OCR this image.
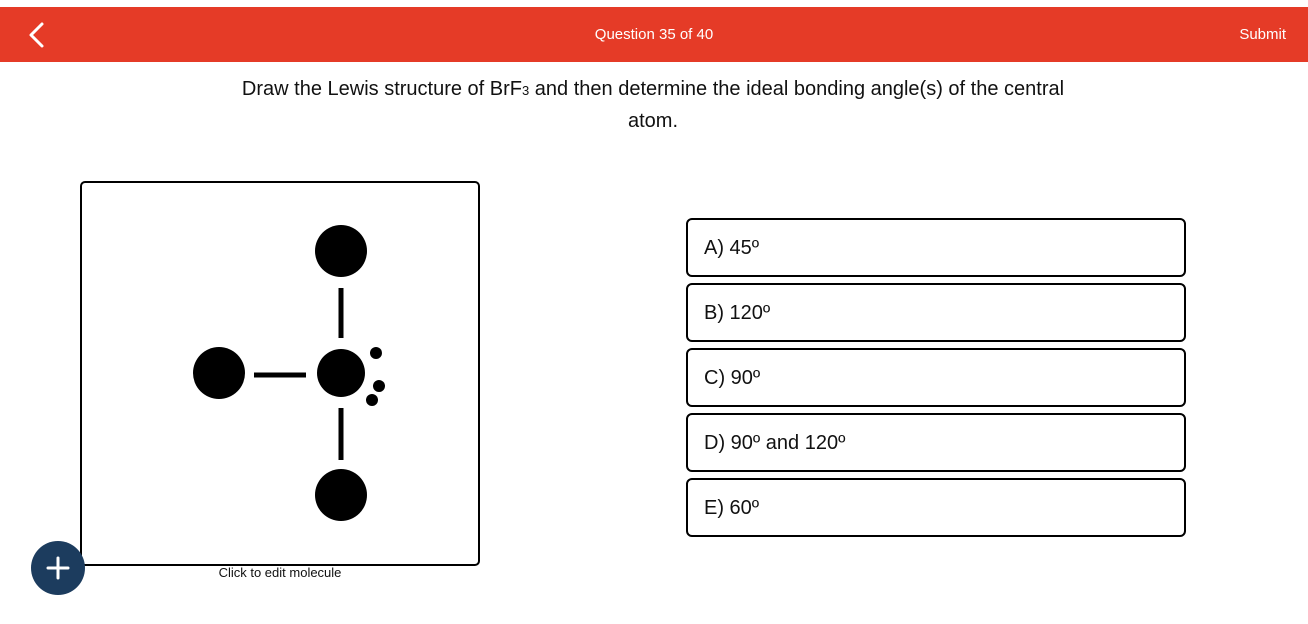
Question 35 of 40	Submit
Draw the Lewis structure of BrF3 and then determine the ideal bonding angle(s) of the central atom.
Click to edit molecule
A) 45º
B) 120º
C) 90º
D) 90º and 120º
E) 60º
